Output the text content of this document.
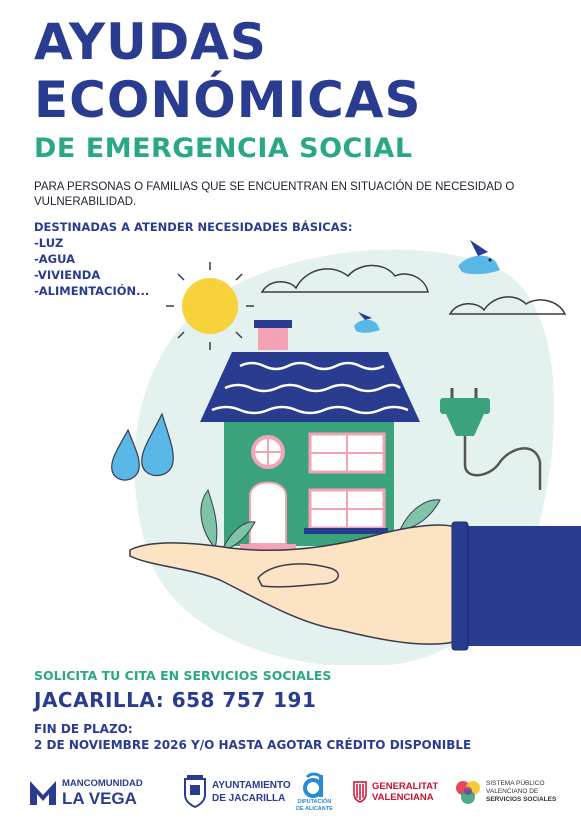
AYUDAS
ECONÓMICAS
DE EMERGENCIA SOCIAL
PARA PERSONAS O FAMILIAS QUE SE ENCUENTRAN EN SITUACIÓN DE NECESIDAD O VULNERABILIDAD.
DESTINADAS A ATENDER NECESIDADES BÁSICAS:
-LUZ
-AGUA
-VIVIENDA
-ALIMENTACIÓN...
SOLICITA TU CITA EN SERVICIOS SOCIALES
JACARILLA: 658 757 191
FIN DE PLAZO:
2 DE NOVIEMBRE 2026 Y/O HASTA AGOTAR CRÉDITO DISPONIBLE
MANCOMUNIDAD
LA VEGA
AYUNTAMIENTO
DE JACARILLA	DIPUTACIÓN
DE ALICANTE
GENERALITAT
VALENCIANA
SISTEMA PÚBLICO
VALENCIANO DE
SERVICIOS SOCIALES
